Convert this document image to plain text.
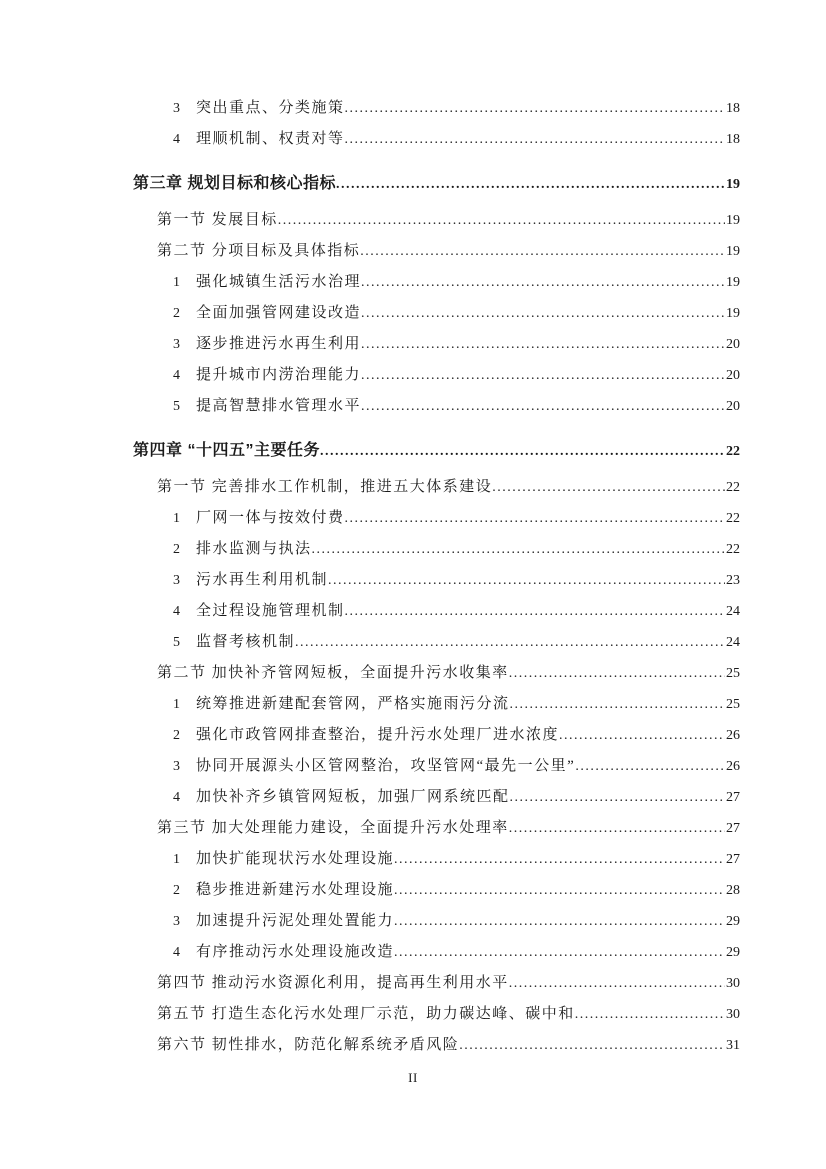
3	突出重点、分类施策 .....	18
4	理顺机制、权责对等 .....	18
第三章 规划目标和核心指标 .....	19
第一节 发展目标 .....	19
第二节 分项目标及具体指标 .....	19
1	强化城镇生活污水治理 .....	19
2	全面加强管网建设改造 .....	19
3	逐步推进污水再生利用 .....	20
4	提升城市内涝治理能力 .....	20
5	提高智慧排水管理水平 .....	20
第四章 “十四五”主要任务 .....	22
第一节 完善排水工作机制，推进五大体系建设 .....	22
1	厂网一体与按效付费 .....	22
2	排水监测与执法 .....	22
3	污水再生利用机制 .....	23
4	全过程设施管理机制 .....	24
5	监督考核机制 .....	24
第二节 加快补齐管网短板，全面提升污水收集率 .....	25
1	统筹推进新建配套管网，严格实施雨污分流 .....	25
2	强化市政管网排查整治，提升污水处理厂进水浓度 .....	26
3	协同开展源头小区管网整治，攻坚管网“最先一公里” .....	26
4	加快补齐乡镇管网短板，加强厂网系统匹配 .....	27
第三节 加大处理能力建设，全面提升污水处理率 .....	27
1	加快扩能现状污水处理设施 .....	27
2	稳步推进新建污水处理设施 .....	28
3	加速提升污泥处理处置能力 .....	29
4	有序推动污水处理设施改造 .....	29
第四节 推动污水资源化利用，提高再生利用水平 .....	30
第五节 打造生态化污水处理厂示范，助力碳达峰、碳中和 .....	30
第六节 韧性排水，防范化解系统矛盾风险 .....	31
II
